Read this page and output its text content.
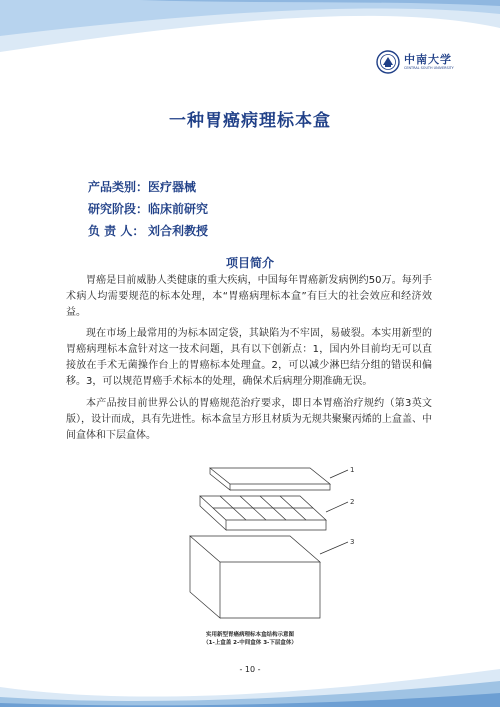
中南大学
CENTRAL SOUTH UNIVERSITY
一种胃癌病理标本盒
产品类别：医疗器械
研究阶段：临床前研究
负 责 人： 刘合利教授
项目简介

胃癌是目前威胁人类健康的重大疾病，中国每年胃癌新发病例约50万。每列手术病人均需要规范的标本处理，本“胃癌病理标本盒”有巨大的社会效应和经济效益。

现在市场上最常用的为标本固定袋，其缺陷为不牢固，易破裂。本实用新型的胃癌病理标本盒针对这一技术问题，具有以下创新点：1，国内外目前均无可以直接放在手术无菌操作台上的胃癌标本处理盒。2，可以减少淋巴结分组的错误和偏移。3，可以规范胃癌手术标本的处理，确保术后病理分期准确无误。

本产品按目前世界公认的胃癌规范治疗要求，即日本胃癌治疗规约（第3英文版），设计而成，具有先进性。标本盒呈方形且材质为无规共聚聚丙烯的上盒盖、中间盒体和下层盒体。

1
2
3
实用新型胃癌病理标本盒结构示意图
（1-上盒盖 2-中间盒体 3-下层盒体）
- 10 -
